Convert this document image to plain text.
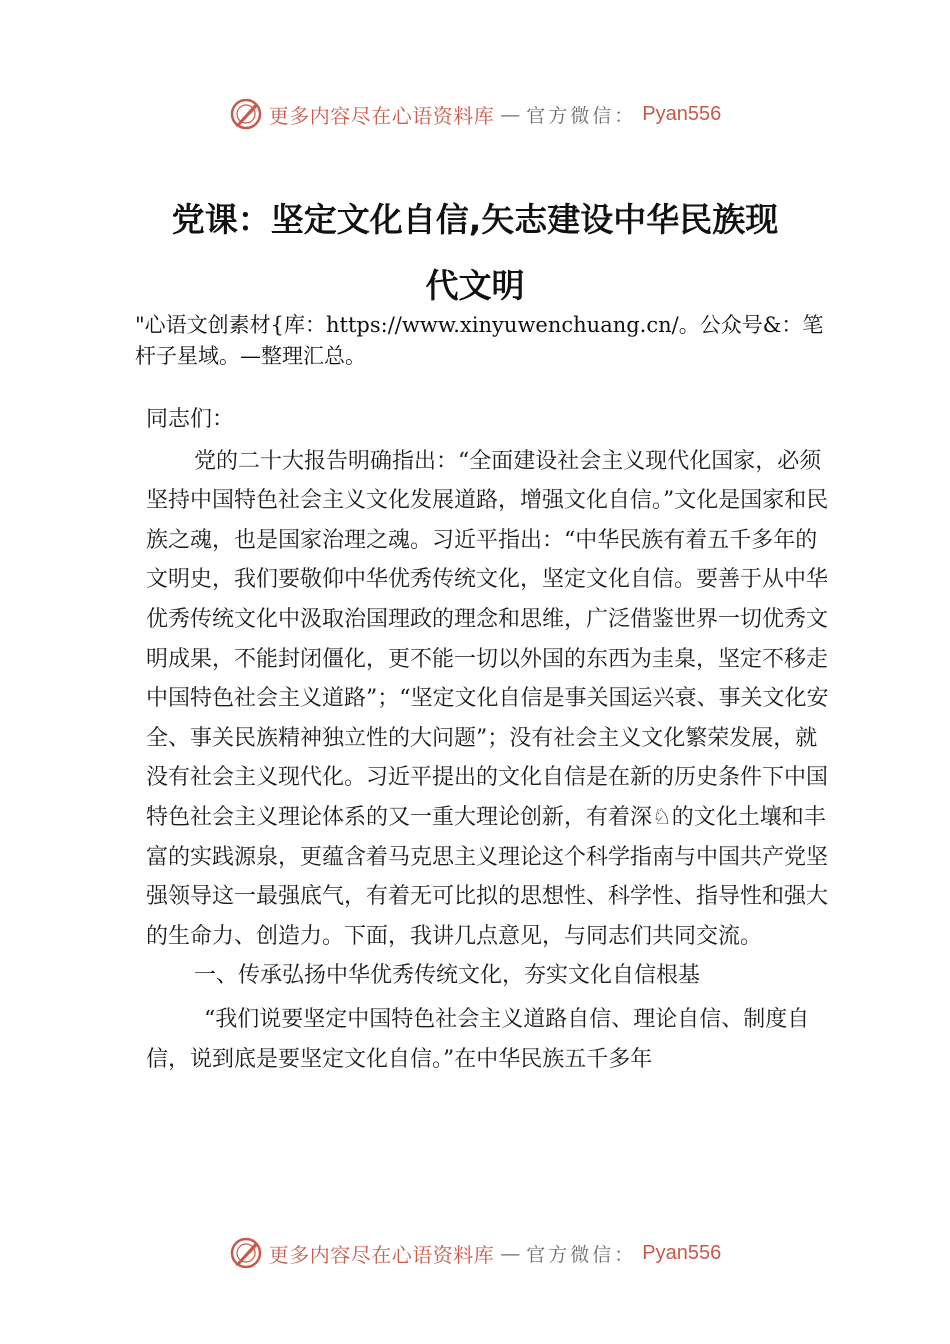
更多内容尽在心语资料库 — 官方微信： Pyan556
党课：坚定文化自信,矢志建设中华民族现
代文明

"心语文创素材{库：https://www.xinyuwenchuang.cn/。公众号&：笔杆子星域。—整理汇总。

同志们：

党的二十大报告明确指出：“全面建设社会主义现代化国家，必须坚持中国特色社会主义文化发展道路，增强文化自信。”文化是国家和民族之魂，也是国家治理之魂。习近平指出：“中华民族有着五千多年的文明史，我们要敬仰中华优秀传统文化，坚定文化自信。要善于从中华优秀传统文化中汲取治国理政的理念和思维，广泛借鉴世界一切优秀文明成果，不能封闭僵化，更不能一切以外国的东西为圭臬，坚定不移走中国特色社会主义道路”；“坚定文化自信是事关国运兴衰、事关文化安全、事关民族精神独立性的大问题”；没有社会主义文化繁荣发展，就没有社会主义现代化。习近平提出的文化自信是在新的历史条件下中国特色社会主义理论体系的又一重大理论创新，有着深♘的文化土壤和丰富的实践源泉，更蕴含着马克思主义理论这个科学指南与中国共产党坚强领导这一最强底气，有着无可比拟的思想性、科学性、指导性和强大的生命力、创造力。下面，我讲几点意见，与同志们共同交流。

一、传承弘扬中华优秀传统文化，夯实文化自信根基

“我们说要坚定中国特色社会主义道路自信、理论自信、制度自信，说到底是要坚定文化自信。”在中华民族五千多年

更多内容尽在心语资料库 — 官方微信： Pyan556
